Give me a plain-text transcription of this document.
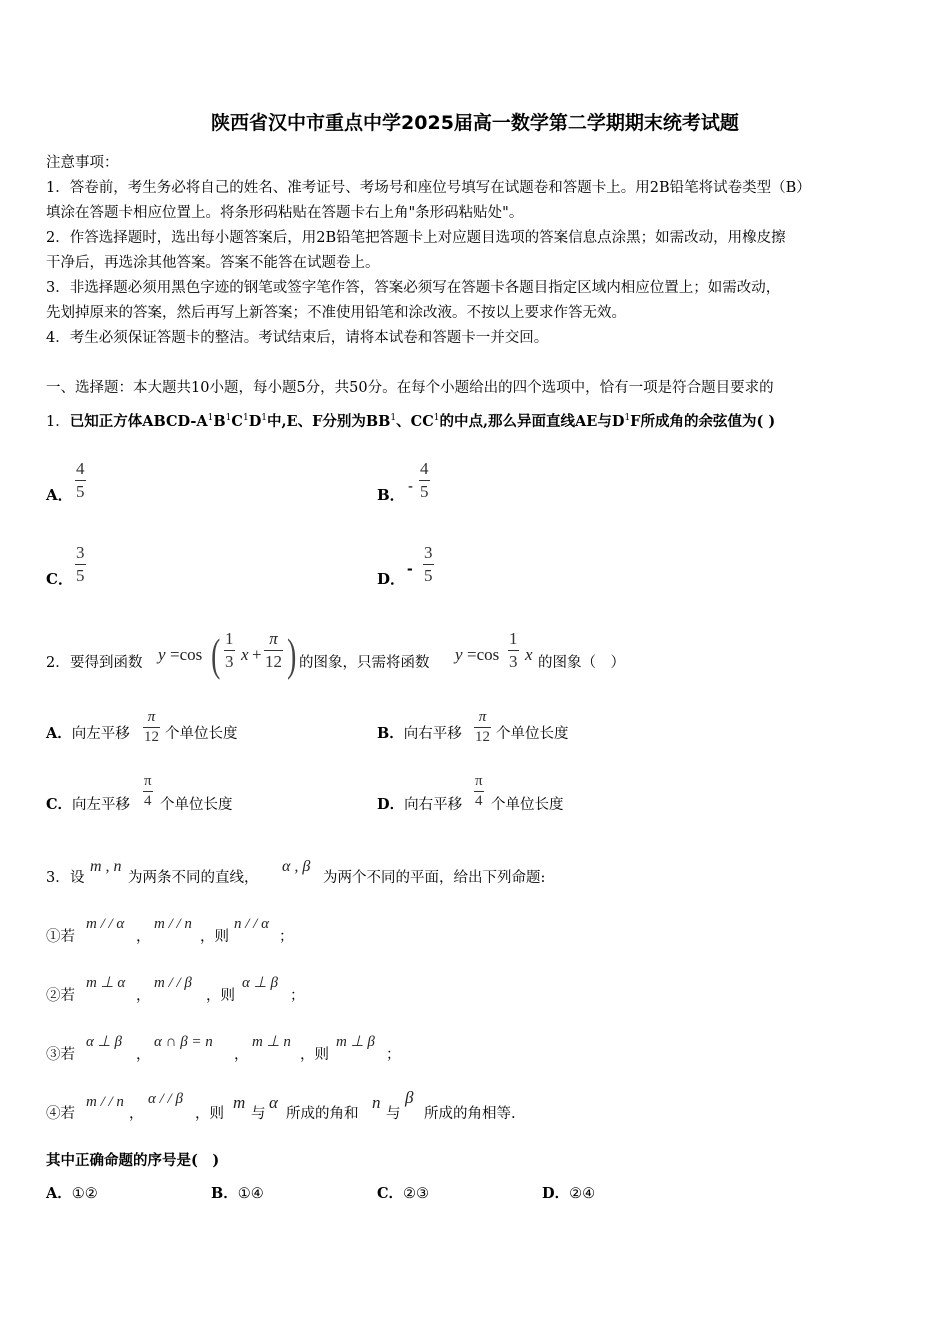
陕西省汉中市重点中学2025届高一数学第二学期期末统考试题
注意事项：
1．答卷前，考生务必将自己的姓名、准考证号、考场号和座位号填写在试题卷和答题卡上。用2B铅笔将试卷类型（B）
填涂在答题卡相应位置上。将条形码粘贴在答题卡右上角"条形码粘贴处"。
2．作答选择题时，选出每小题答案后，用2B铅笔把答题卡上对应题目选项的答案信息点涂黑；如需改动，用橡皮擦
干净后，再选涂其他答案。答案不能答在试题卷上。
3．非选择题必须用黑色字迹的钢笔或签字笔作答，答案必须写在答题卡各题目指定区域内相应位置上；如需改动，
先划掉原来的答案，然后再写上新答案；不准使用铅笔和涂改液。不按以上要求作答无效。
4．考生必须保证答题卡的整洁。考试结束后，请将本试卷和答题卡一并交回。
一、选择题：本大题共10小题，每小题5分，共50分。在每个小题给出的四个选项中，恰有一项是符合题目要求的
1．已知正方体ABCD-$A^1B^1C^1D^1$中,E、F分别为$BB^1$、$CC^1$的中点,那么异面直线AE与$D^1F$所成角的余弦值为( )
A．
4
5	B． -
4
5
C．
3
5	D．
-
3
5
2． 要得到函数 y =cos ( 1
3 x +
π
12 ) 的图象，只需将函数 y =cos
1
3 x 的图象（　）
A．向左平移
π
12 个单位长度	B．向右平移
π
12 个单位长度
C．向左平移
π
4 个单位长度	D．向右平移
π
4 个单位长度
3． 设
m , n
为两条不同的直线，
α , β
为两个不同的平面，给出下列命题:
①若
m / / α
，
m / / n
，则
n / / α
；
②若
m ⊥ α
，
m / / β
，则
α ⊥ β
；
③若
α ⊥ β
，
α ∩ β = n
，
m ⊥ n
，则
m ⊥ β
；
④若
m / / n
，
α / / β
，则
m
与
α
所成的角和
n
与
β
所成的角相等.
其中正确命题的序号是(　)
A．①②	B．①④	C．②③	D．②④
